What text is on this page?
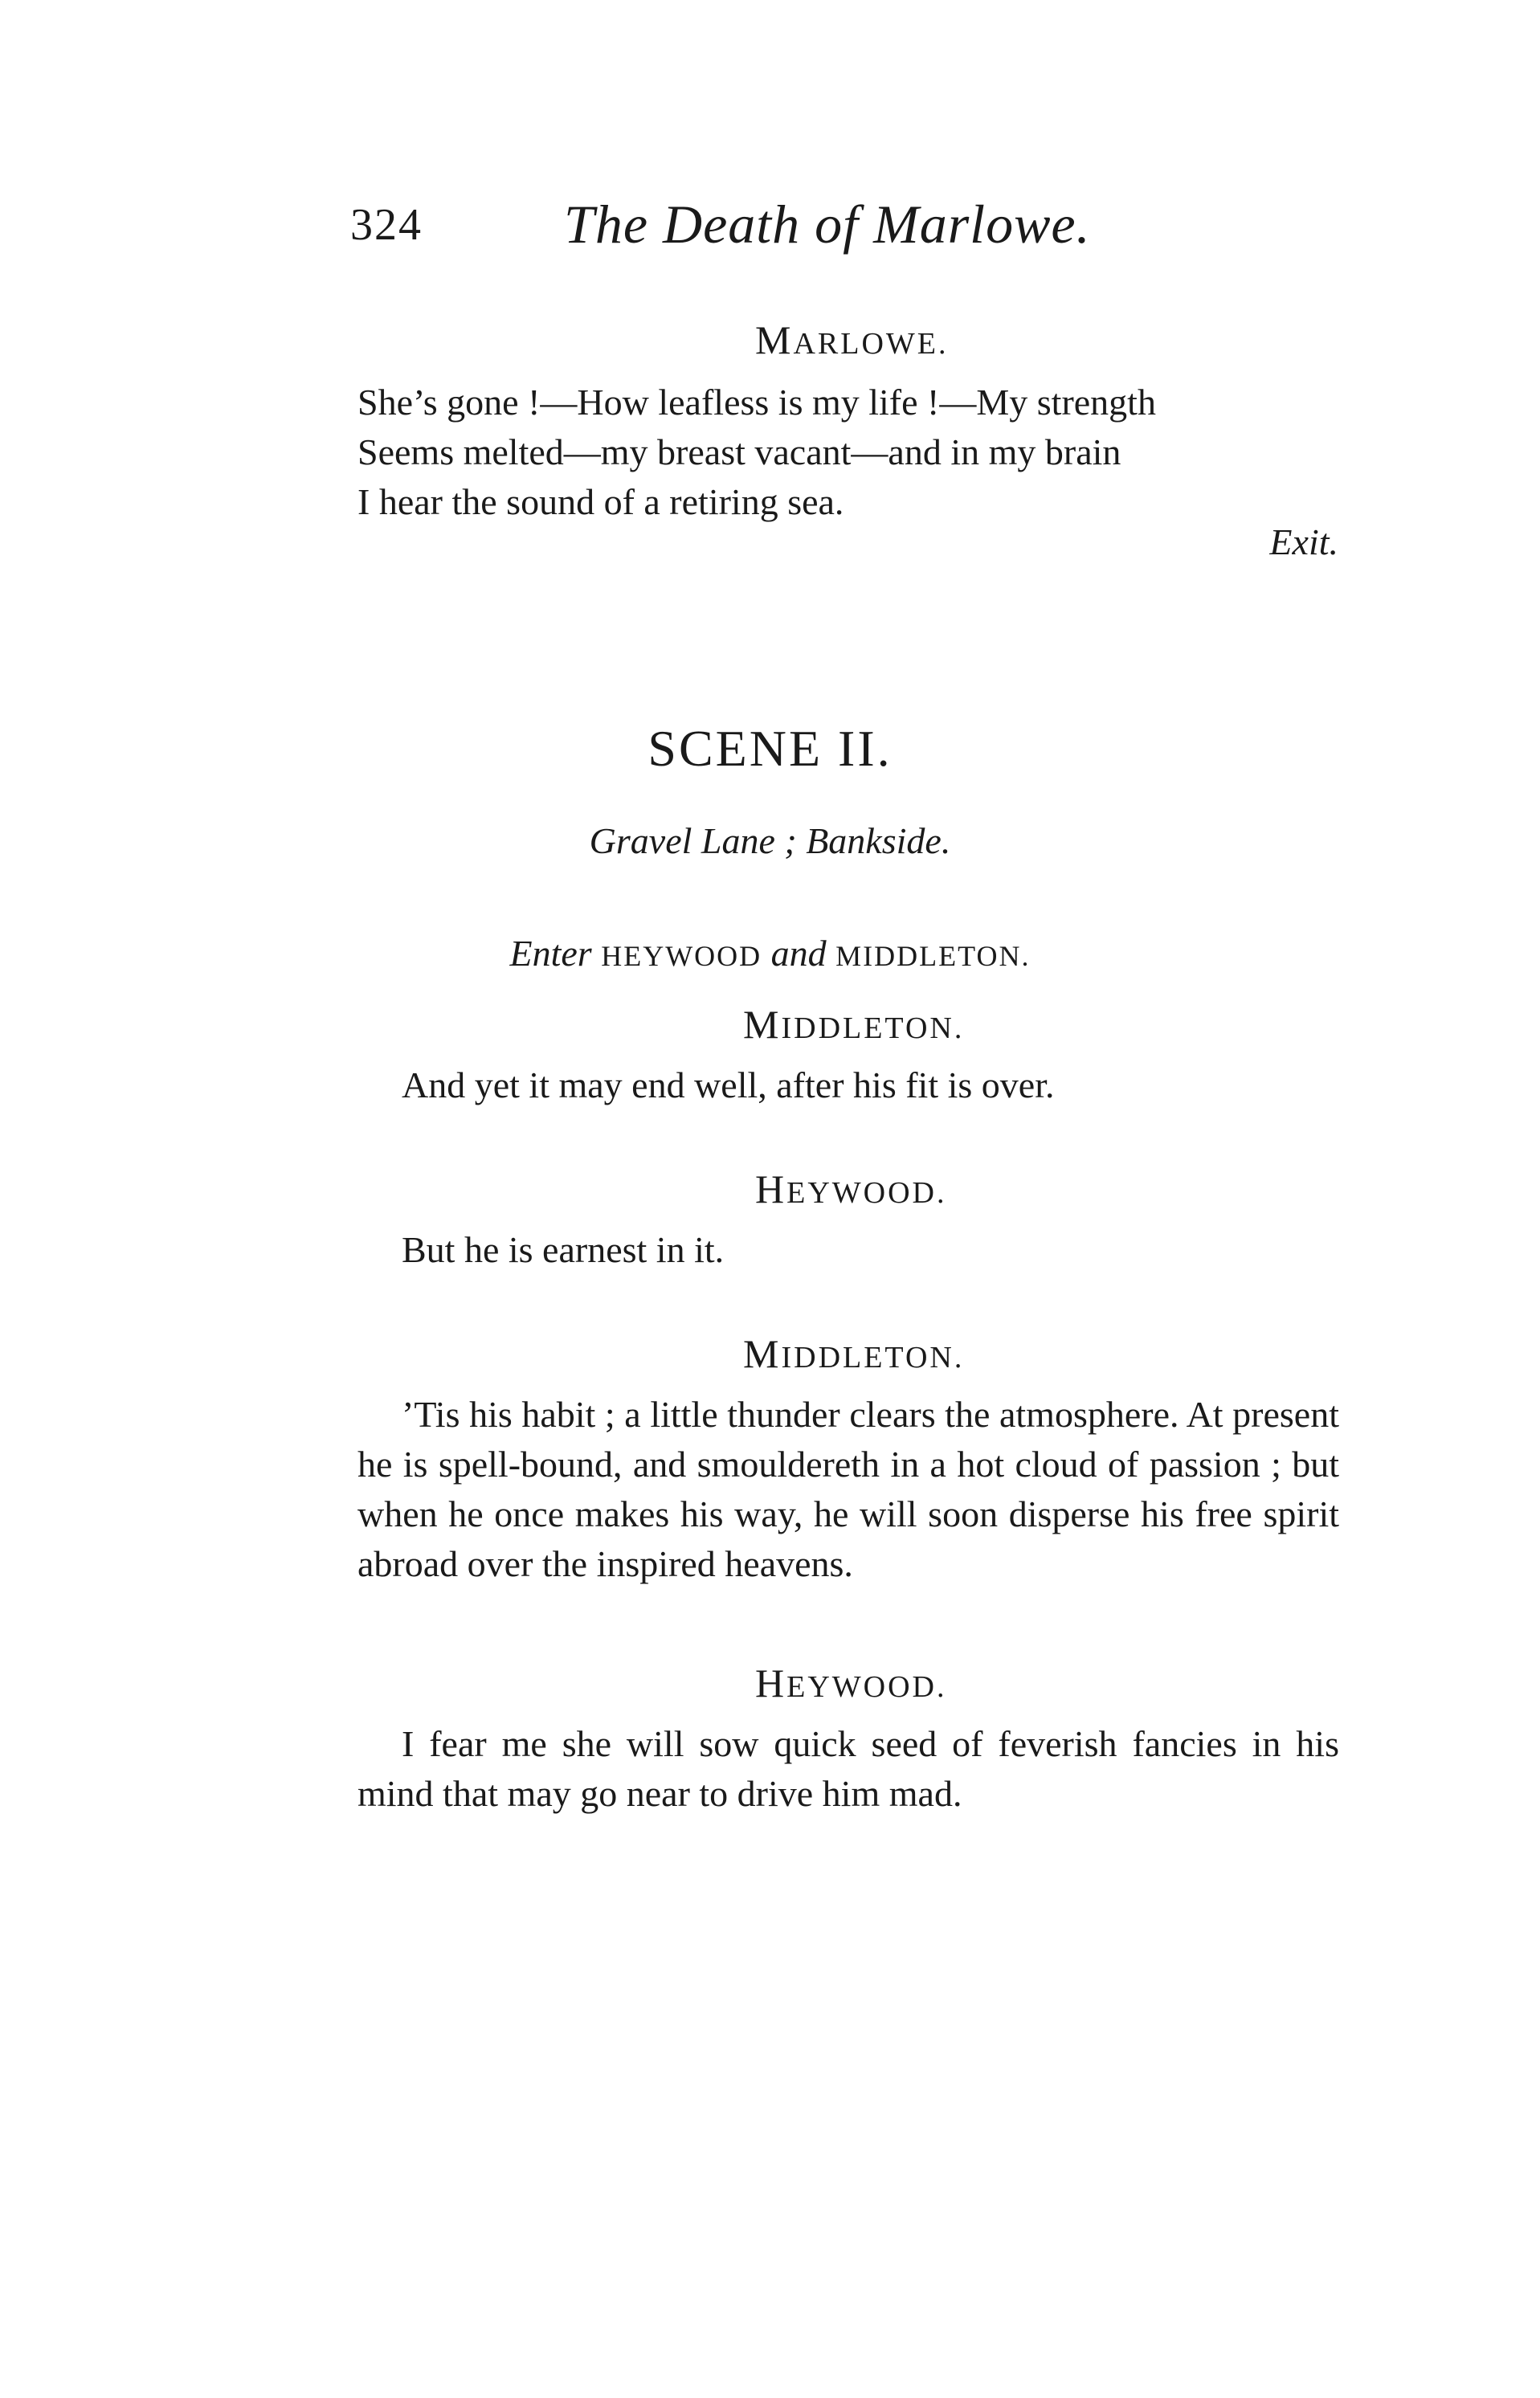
324	The Death of Marlowe.
MARLOWE.
She’s gone !—How leafless is my life !—My strength
Seems melted—my breast vacant—and in my brain
I hear the sound of a retiring sea.
Exit.
SCENE II.
Gravel Lane ; Bankside.
Enter HEYWOOD and MIDDLETON.
MIDDLETON.
And yet it may end well, after his fit is over.
HEYWOOD.
But he is earnest in it.
MIDDLETON.
’Tis his habit ; a little thunder clears the atmosphere. At present he is spell-bound, and smouldereth in a hot cloud of passion ; but when he once makes his way, he will soon disperse his free spirit abroad over the inspired heavens.
HEYWOOD.
I fear me she will sow quick seed of feverish fancies in his mind that may go near to drive him mad.
